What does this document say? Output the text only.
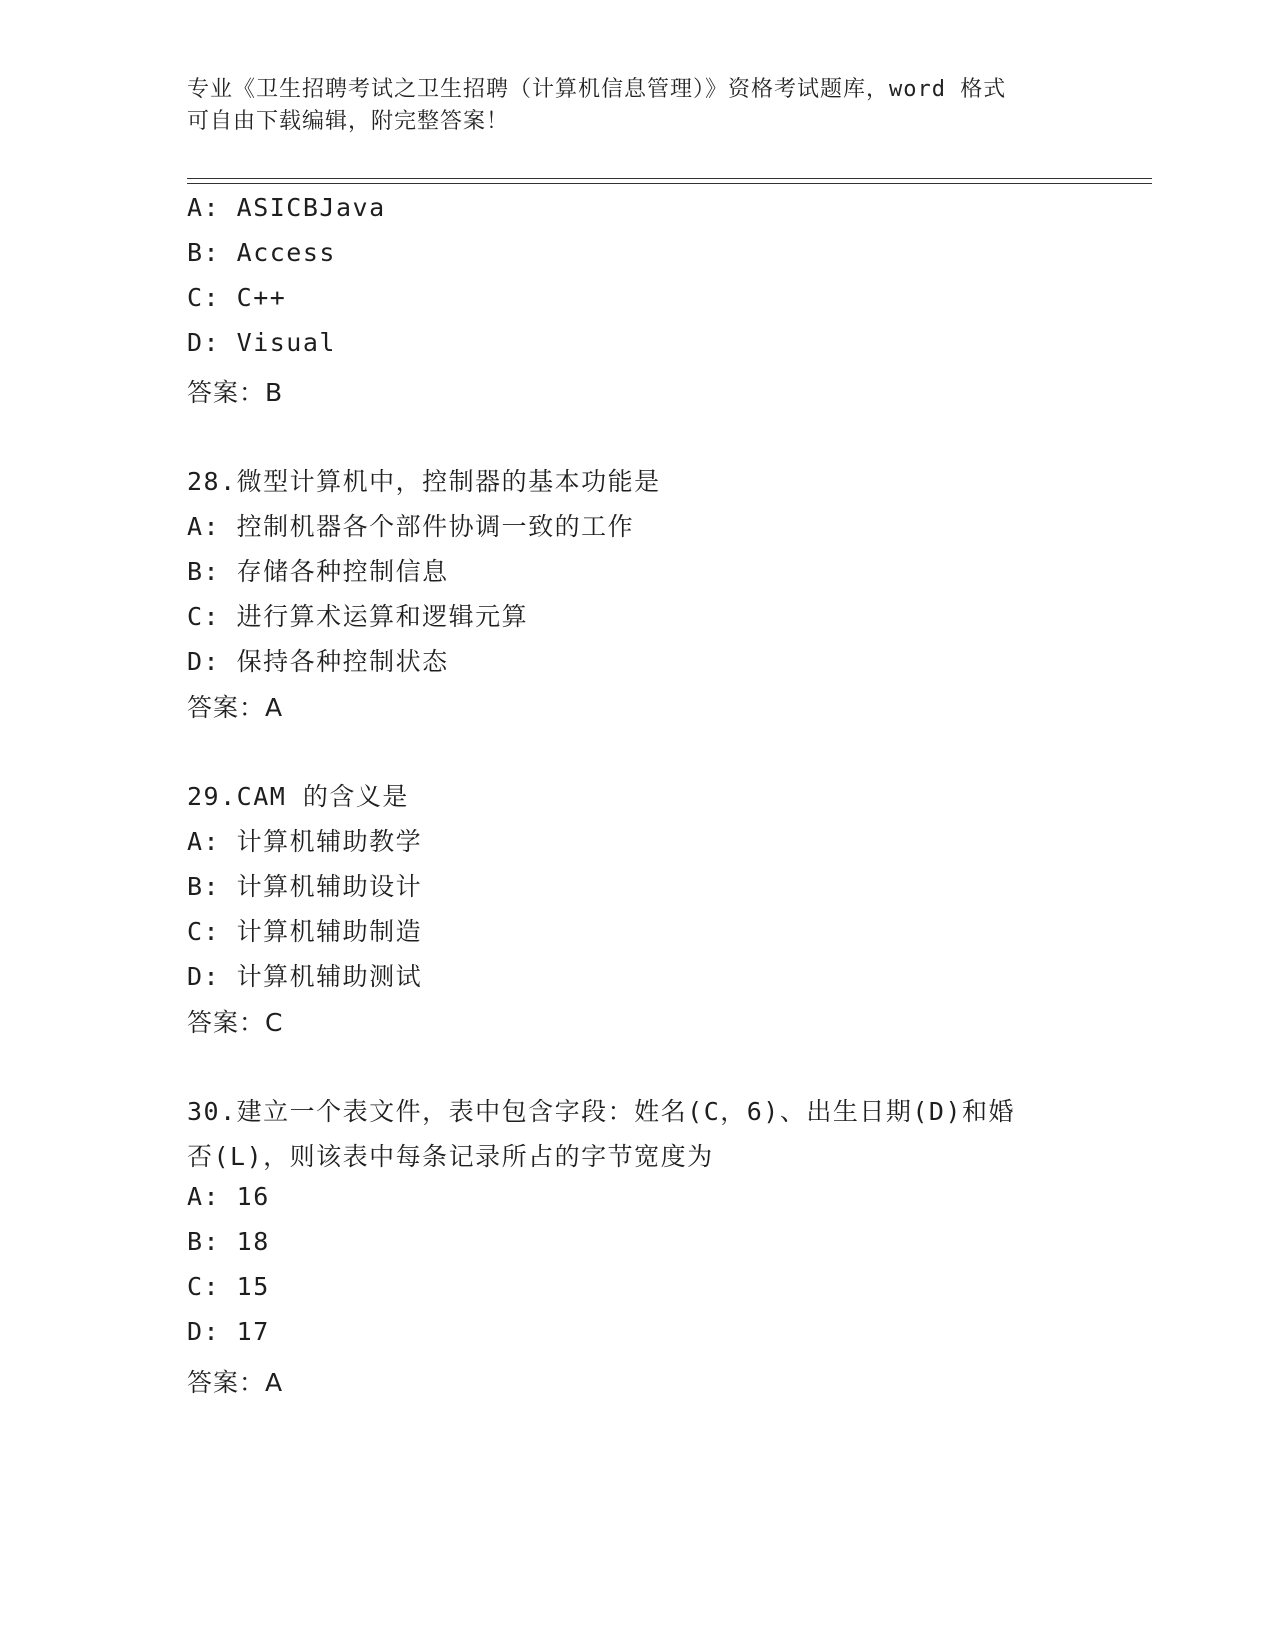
专业《卫生招聘考试之卫生招聘（计算机信息管理）》资格考试题库，word 格式
可自由下载编辑，附完整答案！
A: ASICBJava
B: Access
C: C++
D: Visual
答案：B
28.微型计算机中，控制器的基本功能是
A: 控制机器各个部件协调一致的工作
B: 存储各种控制信息
C: 进行算术运算和逻辑元算
D: 保持各种控制状态
答案：A
29.CAM 的含义是
A: 计算机辅助教学
B: 计算机辅助设计
C: 计算机辅助制造
D: 计算机辅助测试
答案：C
30.建立一个表文件，表中包含字段：姓名(C，6)、出生日期(D)和婚
否(L)，则该表中每条记录所占的字节宽度为
A: 16
B: 18
C: 15
D: 17
答案：A
